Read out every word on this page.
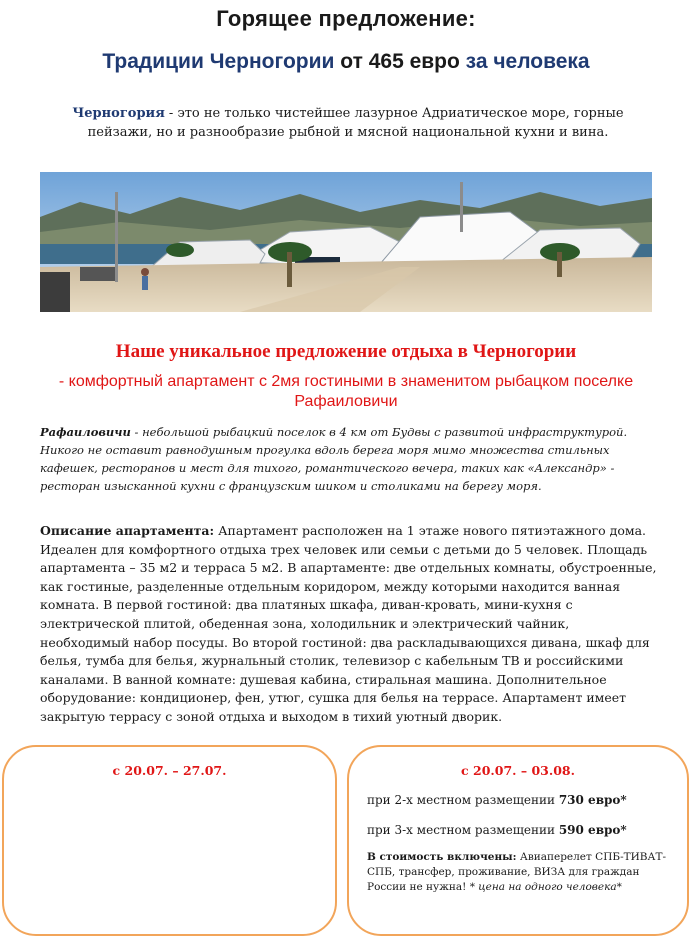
Горящее предложение:
Традиции Черногории от 465 евро за человека
Черногория - это не только чистейшее лазурное Адриатическое море, горные пейзажи, но и разнообразие рыбной и мясной национальной кухни и вина.
Наше уникальное предложение отдыха в Черногории
- комфортный апартамент с 2мя гостиными в знаменитом рыбацком поселке Рафаиловичи
Рафаиловичи - небольшой рыбацкий поселок в 4 км от Будвы с развитой инфраструктурой. Никого не оставит равнодушным прогулка вдоль берега моря мимо множества стильных кафешек, ресторанов и мест для тихого, романтического вечера, таких как «Александр» - ресторан изысканной кухни с французским шиком и столиками на берегу моря.
Описание апартамента: Апартамент расположен на 1 этаже нового пятиэтажного дома. Идеален для комфортного отдыха трех человек или семьи с детьми до 5 человек. Площадь апартамента – 35 м2 и терраса 5 м2. В апартаменте: две отдельных комнаты, обустроенные, как гостиные, разделенные отдельным коридором, между которыми находится ванная комната. В первой гостиной: два платяных шкафа, диван-кровать, мини-кухня с электрической плитой, обеденная зона, холодильник и электрический чайник, необходимый набор посуды. Во второй гостиной: два раскладывающихся дивана, шкаф для белья, тумба для белья, журнальный столик, телевизор с кабельным ТВ и российскими каналами. В ванной комнате: душевая кабина, стиральная машина. Дополнительное оборудование: кондиционер, фен, утюг, сушка для белья на террасе. Апартамент имеет закрытую террасу с зоной отдыха и выходом в тихий уютный дворик.
с 20.07. – 27.07.	с 20.07. – 03.08.
при 2-х местном размещении 730 евро*
при 3-х местном размещении 590 евро*
В стоимость включены: Авиаперелет СПБ-ТИВАТ-СПБ, трансфер, проживание, ВИЗА для граждан России не нужна! * цена на одного человека*
